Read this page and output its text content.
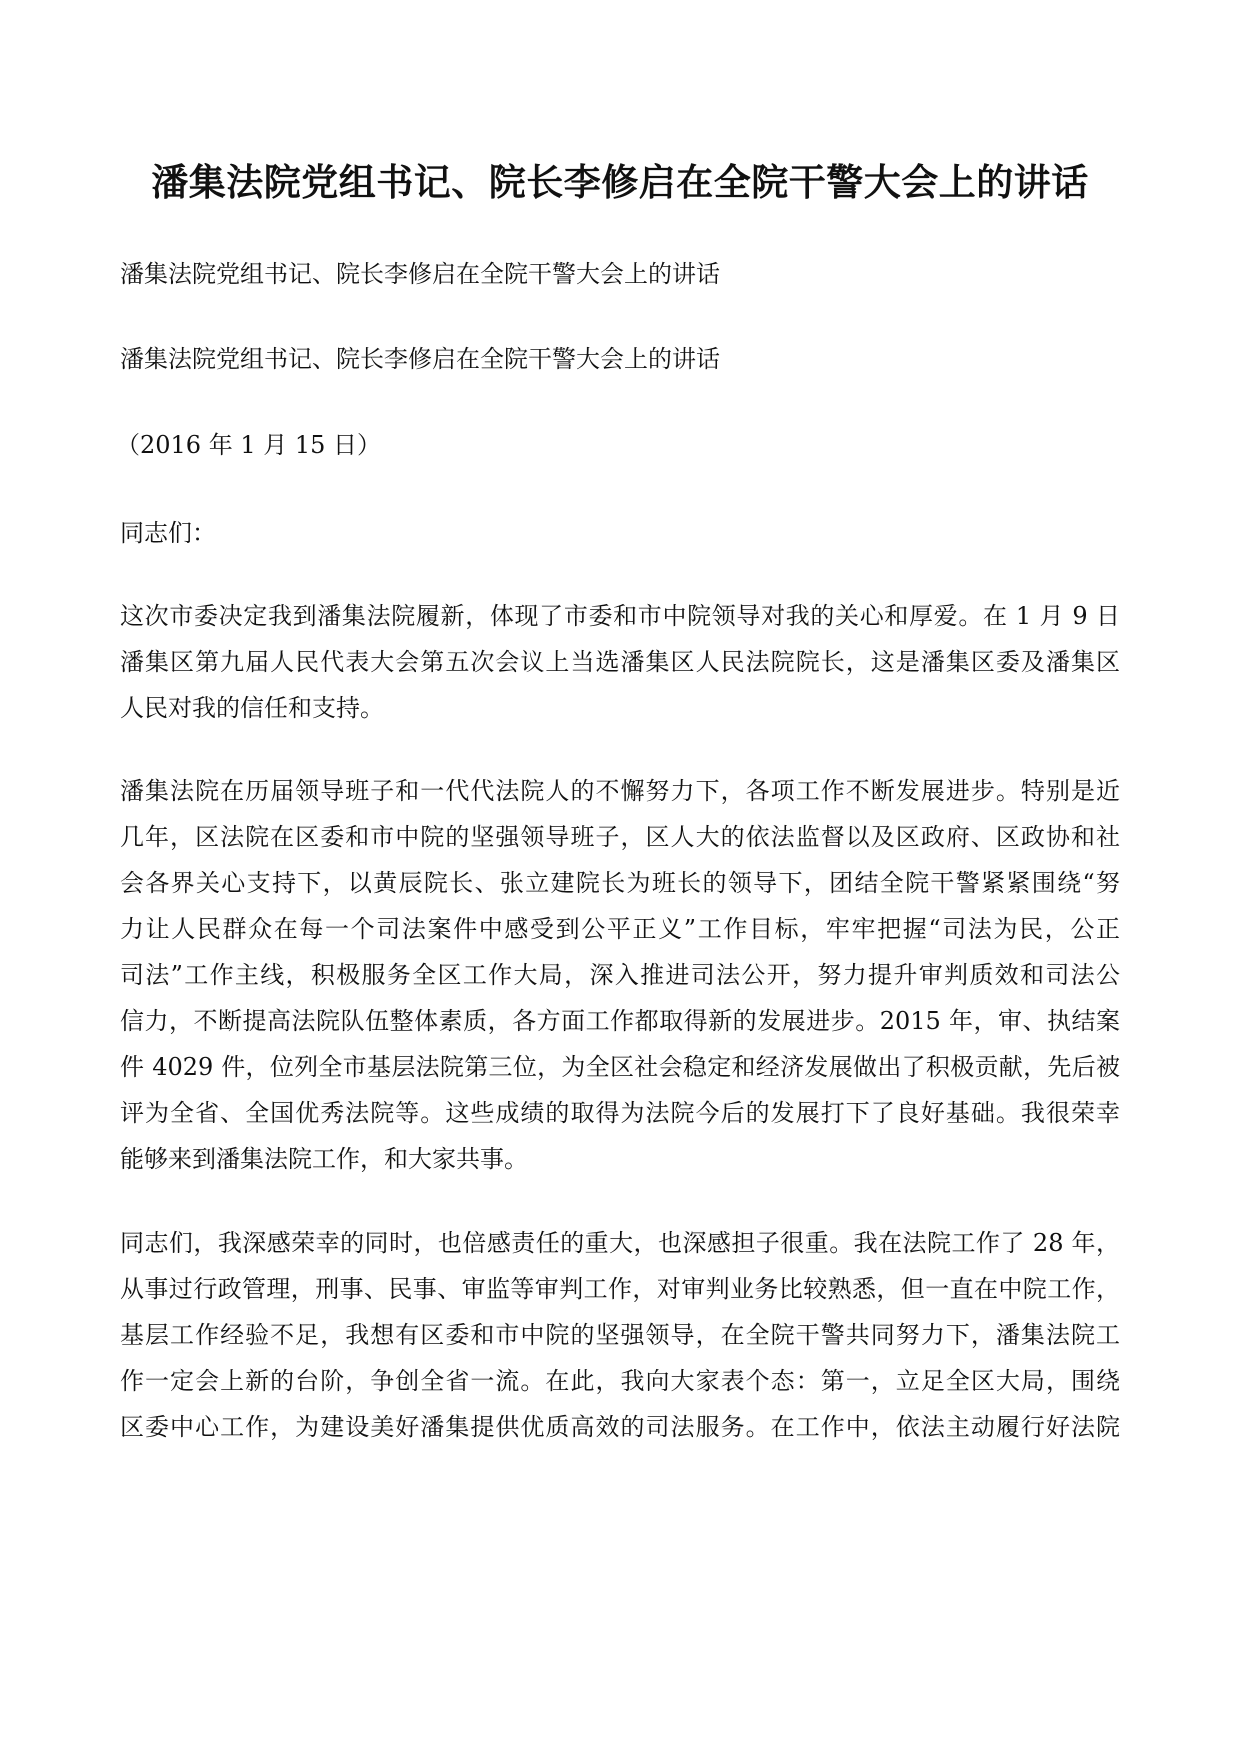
潘集法院党组书记、院长李修启在全院干警大会上的讲话
潘集法院党组书记、院长李修启在全院干警大会上的讲话
潘集法院党组书记、院长李修启在全院干警大会上的讲话
（2016 年 1 月 15 日）
同志们：
这次市委决定我到潘集法院履新，体现了市委和市中院领导对我的关心和厚爱。在 1 月 9 日
潘集区第九届人民代表大会第五次会议上当选潘集区人民法院院长，这是潘集区委及潘集区
人民对我的信任和支持。
潘集法院在历届领导班子和一代代法院人的不懈努力下，各项工作不断发展进步。特别是近
几年，区法院在区委和市中院的坚强领导班子，区人大的依法监督以及区政府、区政协和社
会各界关心支持下，以黄辰院长、张立建院长为班长的领导下，团结全院干警紧紧围绕“努
力让人民群众在每一个司法案件中感受到公平正义”工作目标，牢牢把握“司法为民，公正
司法”工作主线，积极服务全区工作大局，深入推进司法公开，努力提升审判质效和司法公
信力，不断提高法院队伍整体素质，各方面工作都取得新的发展进步。2015 年，审、执结案
件 4029 件，位列全市基层法院第三位，为全区社会稳定和经济发展做出了积极贡献，先后被
评为全省、全国优秀法院等。这些成绩的取得为法院今后的发展打下了良好基础。我很荣幸
能够来到潘集法院工作，和大家共事。
同志们，我深感荣幸的同时，也倍感责任的重大，也深感担子很重。我在法院工作了 28 年，
从事过行政管理，刑事、民事、审监等审判工作，对审判业务比较熟悉，但一直在中院工作，
基层工作经验不足，我想有区委和市中院的坚强领导，在全院干警共同努力下，潘集法院工
作一定会上新的台阶，争创全省一流。在此，我向大家表个态：第一，立足全区大局，围绕
区委中心工作，为建设美好潘集提供优质高效的司法服务。在工作中，依法主动履行好法院
